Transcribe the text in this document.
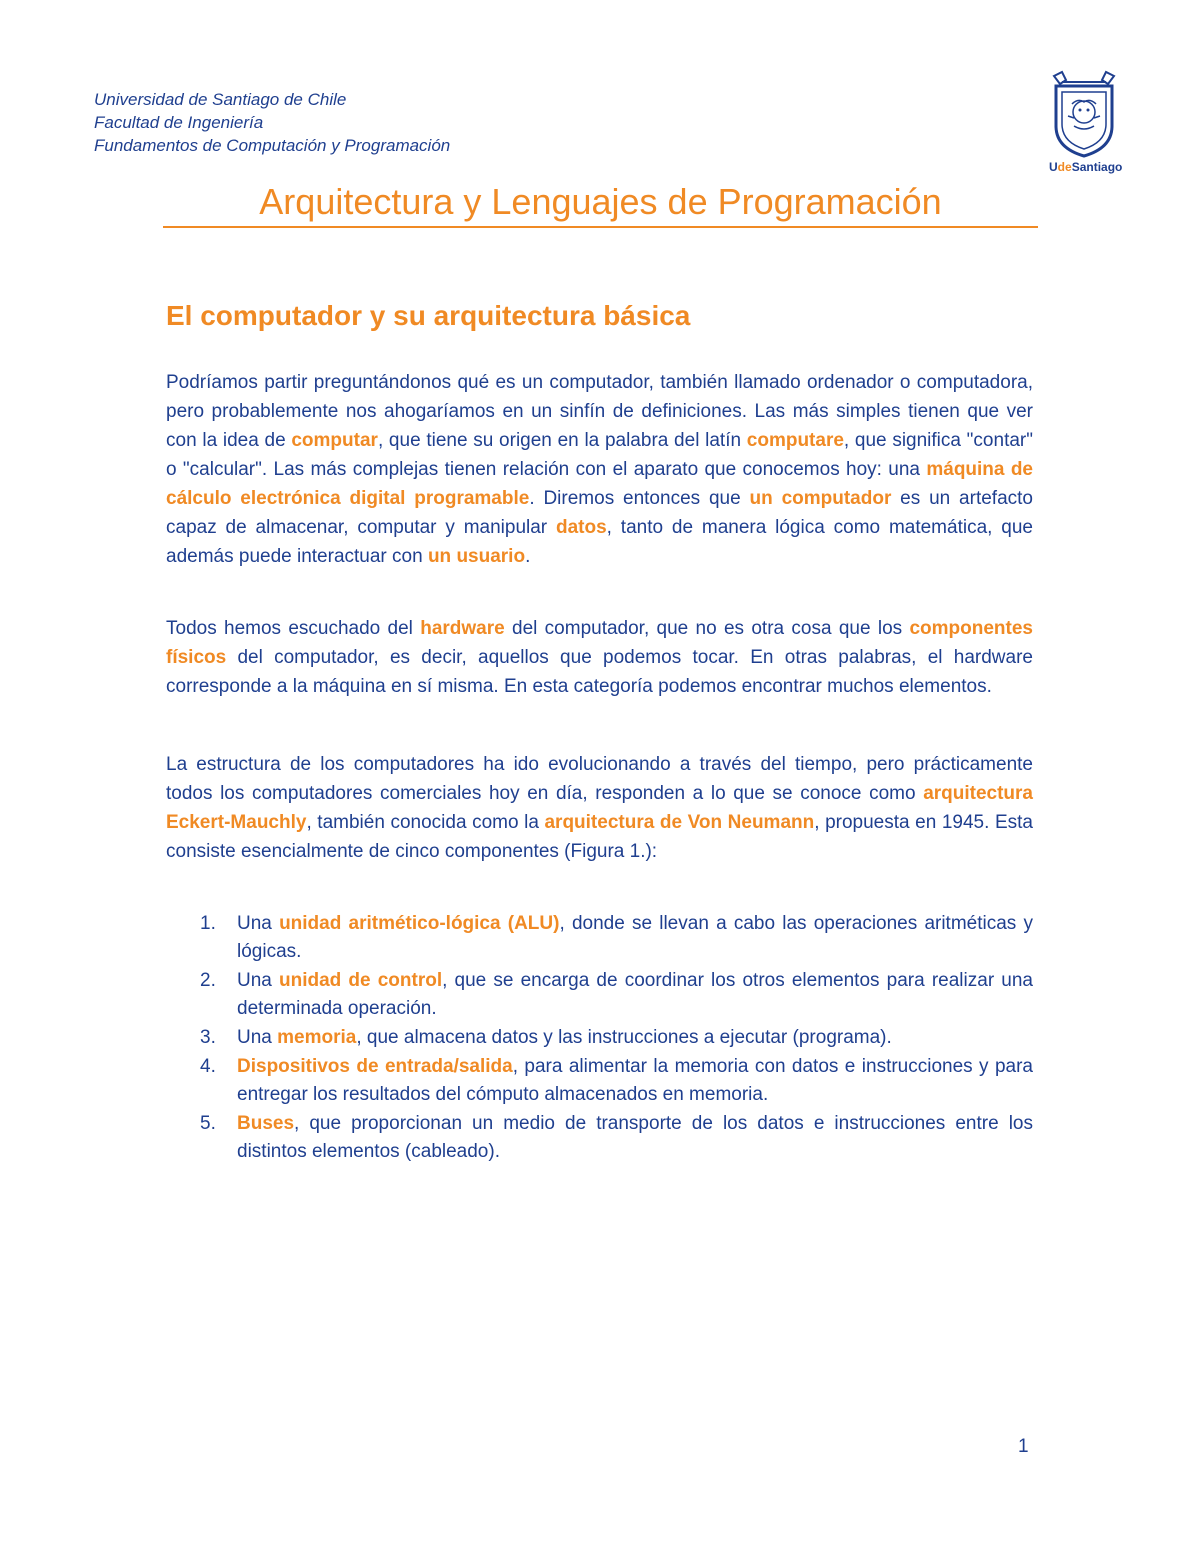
Universidad de Santiago de Chile
Facultad de Ingeniería
Fundamentos de Computación y Programación
UdeSantiago
Arquitectura y Lenguajes de Programación
El computador y su arquitectura básica
Podríamos partir preguntándonos qué es un computador, también llamado ordenador o computadora, pero probablemente nos ahogaríamos en un sinfín de definiciones. Las más simples tienen que ver con la idea de computar, que tiene su origen en la palabra del latín computare, que significa "contar" o "calcular". Las más complejas tienen relación con el aparato que conocemos hoy: una máquina de cálculo electrónica digital programable. Diremos entonces que un computador es un artefacto capaz de almacenar, computar y manipular datos, tanto de manera lógica como matemática, que además puede interactuar con un usuario.
Todos hemos escuchado del hardware del computador, que no es otra cosa que los componentes físicos del computador, es decir, aquellos que podemos tocar. En otras palabras, el hardware corresponde a la máquina en sí misma. En esta categoría podemos encontrar muchos elementos.
La estructura de los computadores ha ido evolucionando a través del tiempo, pero prácticamente todos los computadores comerciales hoy en día, responden a lo que se conoce como arquitectura Eckert-Mauchly, también conocida como la arquitectura de Von Neumann, propuesta en 1945. Esta consiste esencialmente de cinco componentes (Figura 1.):
1. Una unidad aritmético-lógica (ALU), donde se llevan a cabo las operaciones aritméticas y lógicas.
2. Una unidad de control, que se encarga de coordinar los otros elementos para realizar una determinada operación.
3. Una memoria, que almacena datos y las instrucciones a ejecutar (programa).
4. Dispositivos de entrada/salida, para alimentar la memoria con datos e instrucciones y para entregar los resultados del cómputo almacenados en memoria.
5. Buses, que proporcionan un medio de transporte de los datos e instrucciones entre los distintos elementos (cableado).
1
